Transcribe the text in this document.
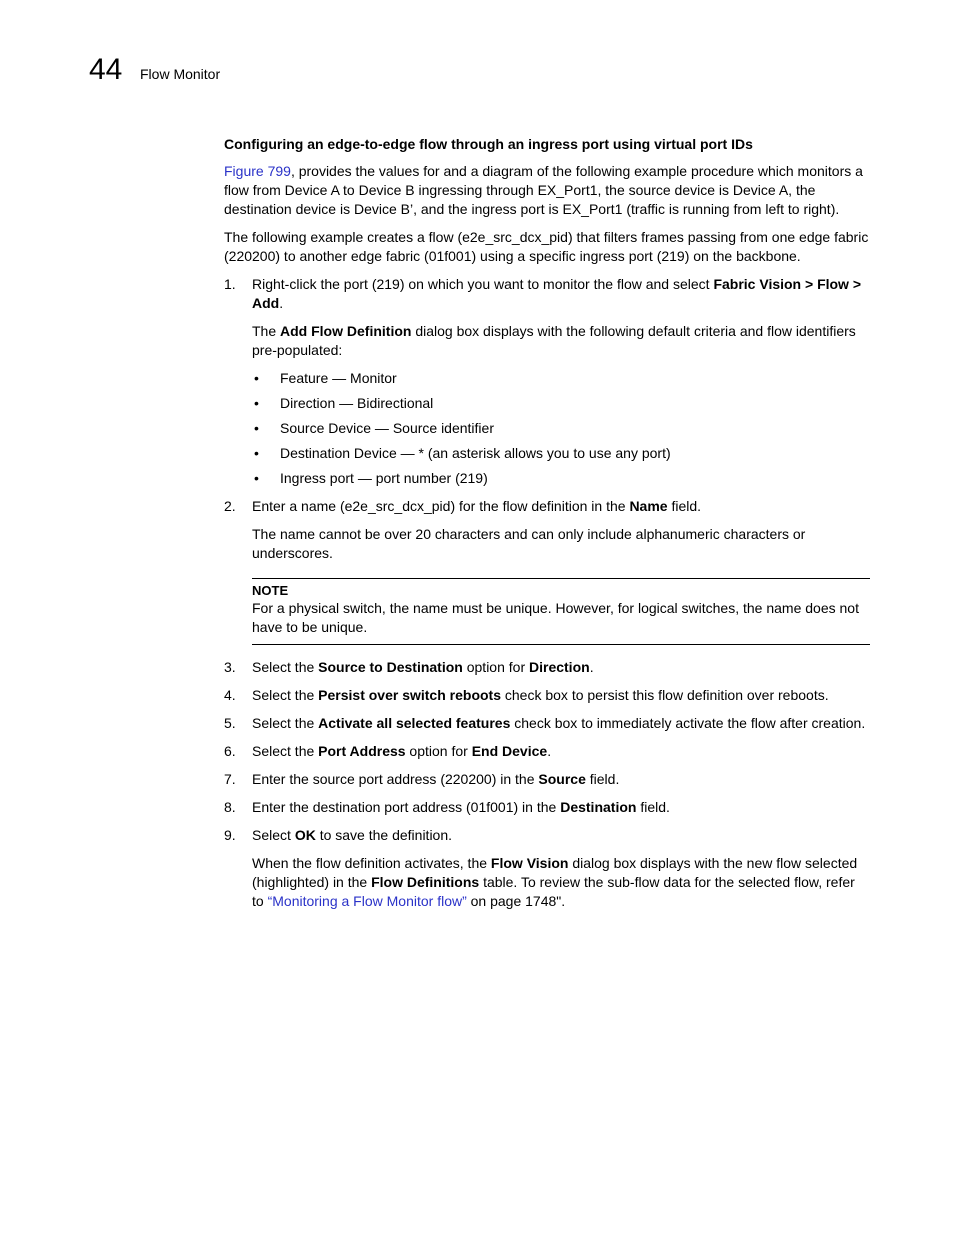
44 Flow Monitor
Configuring an edge-to-edge flow through an ingress port using virtual port IDs

Figure 799, provides the values for and a diagram of the following example procedure which monitors a flow from Device A to Device B ingressing through EX_Port1, the source device is Device A, the destination device is Device B’, and the ingress port is EX_Port1 (traffic is running from left to right).

The following example creates a flow (e2e_src_dcx_pid) that filters frames passing from one edge fabric (220200) to another edge fabric (01f001) using a specific ingress port (219) on the backbone.

1. Right-click the port (219) on which you want to monitor the flow and select Fabric Vision > Flow > Add.

The Add Flow Definition dialog box displays with the following default criteria and flow identifiers pre-populated:

• Feature — Monitor
• Direction — Bidirectional
• Source Device — Source identifier
• Destination Device — * (an asterisk allows you to use any port)
• Ingress port — port number (219)
2. Enter a name (e2e_src_dcx_pid) for the flow definition in the Name field.

The name cannot be over 20 characters and can only include alphanumeric characters or underscores.

NOTE
For a physical switch, the name must be unique. However, for logical switches, the name does not have to be unique.
3. Select the Source to Destination option for Direction.
4. Select the Persist over switch reboots check box to persist this flow definition over reboots.
5. Select the Activate all selected features check box to immediately activate the flow after creation.
6. Select the Port Address option for End Device.
7. Enter the source port address (220200) in the Source field.
8. Enter the destination port address (01f001) in the Destination field.
9. Select OK to save the definition.

When the flow definition activates, the Flow Vision dialog box displays with the new flow selected (highlighted) in the Flow Definitions table. To review the sub-flow data for the selected flow, refer to “Monitoring a Flow Monitor flow” on page 1748".
